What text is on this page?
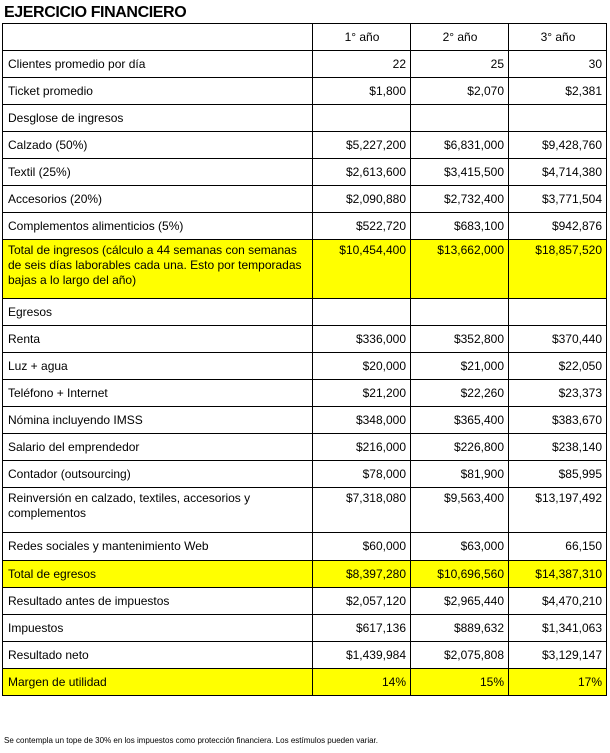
EJERCICIO FINANCIERO
	1° año	2° año	3° año
Clientes promedio por día	22	25	30
Ticket promedio	$1,800	$2,070	$2,381
Desglose de ingresos			
Calzado (50%)	$5,227,200	$6,831,000	$9,428,760
Textil (25%)	$2,613,600	$3,415,500	$4,714,380
Accesorios (20%)	$2,090,880	$2,732,400	$3,771,504
Complementos alimenticios (5%)	$522,720	$683,100	$942,876
Total de ingresos (cálculo a 44 semanas con semanas de seis días laborables cada una. Esto por temporadas bajas a lo largo del año)	$10,454,400	$13,662,000	$18,857,520
Egresos			
Renta	$336,000	$352,800	$370,440
Luz + agua	$20,000	$21,000	$22,050
Teléfono + Internet	$21,200	$22,260	$23,373
Nómina incluyendo IMSS	$348,000	$365,400	$383,670
Salario del emprendedor	$216,000	$226,800	$238,140
Contador (outsourcing)	$78,000	$81,900	$85,995
Reinversión en calzado, textiles, accesorios y complementos	$7,318,080	$9,563,400	$13,197,492
Redes sociales y mantenimiento Web	$60,000	$63,000	66,150
Total de egresos	$8,397,280	$10,696,560	$14,387,310
Resultado antes de impuestos	$2,057,120	$2,965,440	$4,470,210
Impuestos	$617,136	$889,632	$1,341,063
Resultado neto	$1,439,984	$2,075,808	$3,129,147
Margen de utilidad	14%	15%	17%
Se contempla un tope de 30% en los impuestos como protección financiera. Los estímulos pueden variar.
